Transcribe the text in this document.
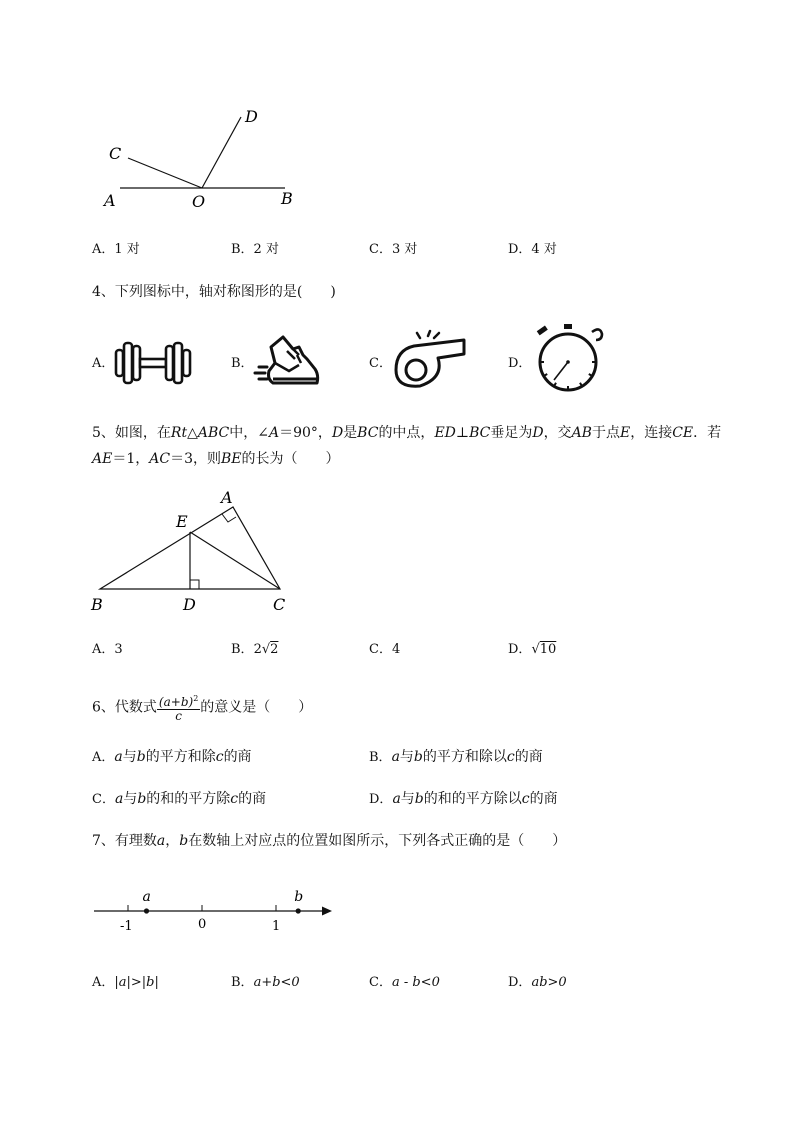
D
C
A	O	B
A．1 对	B．2 对	C．3 对	D．4 对
4、下列图标中，轴对称图形的是(　　)
A．	B．	C．	D．
5、如图，在Rt△ABC中，∠A＝90°，D是BC的中点，ED⊥BC垂足为D，交AB于点E，连接CE．若
AE＝1，AC＝3，则BE的长为（　　）
A
E
B	D	C
A．3	B．2√2	C．4	D．√10
6、代数式 $\frac{(a+b)^2}{c}$ 的意义是（　　）
A．a与b的平方和除c的商	B．a与b的平方和除以c的商
C．a与b的和的平方除c的商	D．a与b的和的平方除以c的商
7、有理数a，b在数轴上对应点的位置如图所示，下列各式正确的是（　　）
a	b
-1	0	1
A．|a|>|b|	B．a+b<0	C．a - b<0	D．ab>0
